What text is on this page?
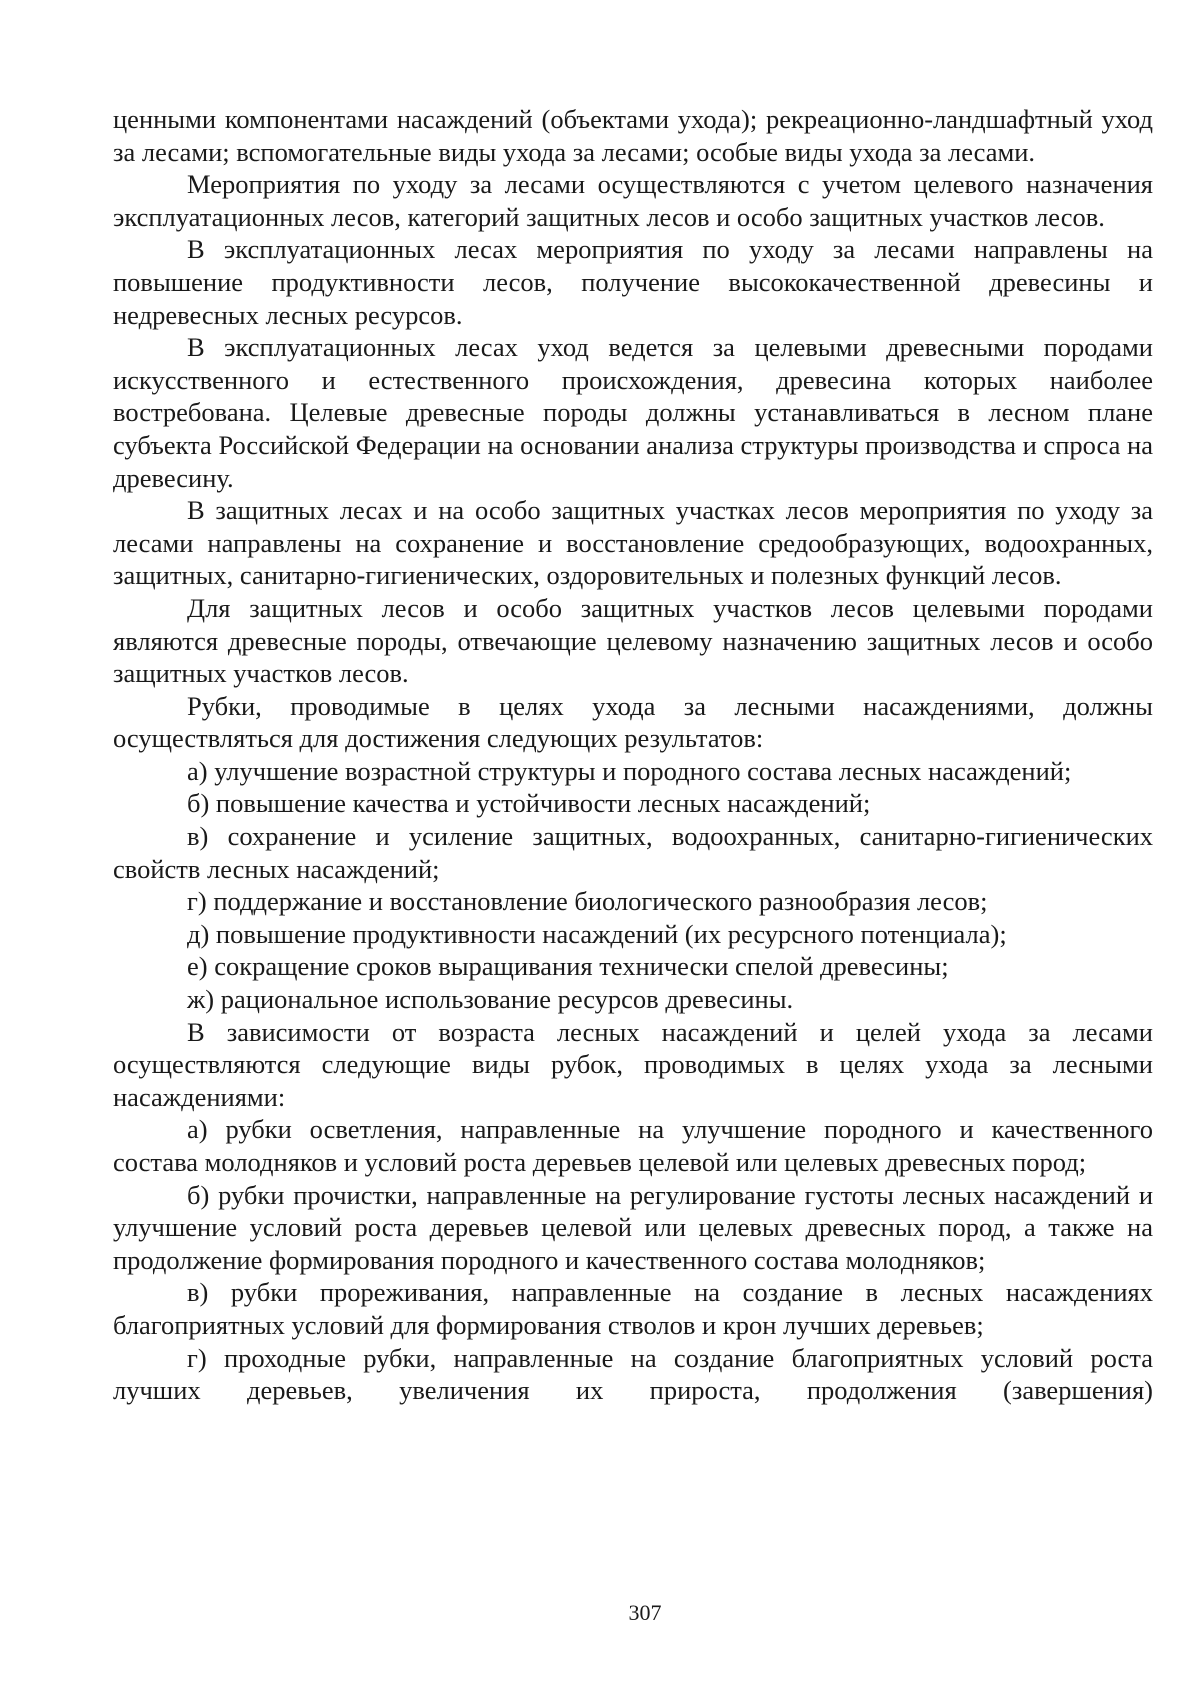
ценными компонентами насаждений (объектами ухода); рекреационно-ландшафтный уход за лесами; вспомогательные виды ухода за лесами; особые виды ухода за лесами.

Мероприятия по уходу за лесами осуществляются с учетом целевого назначения эксплуатационных лесов, категорий защитных лесов и особо защитных участков лесов.

В эксплуатационных лесах мероприятия по уходу за лесами направлены на повышение продуктивности лесов, получение высококачественной древесины и недревесных лесных ресурсов.

В эксплуатационных лесах уход ведется за целевыми древесными породами искусственного и естественного происхождения, древесина которых наиболее востребована. Целевые древесные породы должны устанавливаться в лесном плане субъекта Российской Федерации на основании анализа структуры производства и спроса на древесину.

В защитных лесах и на особо защитных участках лесов мероприятия по уходу за лесами направлены на сохранение и восстановление средообразующих, водоохранных, защитных, санитарно-гигиенических, оздоровительных и полезных функций лесов.

Для защитных лесов и особо защитных участков лесов целевыми породами являются древесные породы, отвечающие целевому назначению защитных лесов и особо защитных участков лесов.

Рубки, проводимые в целях ухода за лесными насаждениями, должны осуществляться для достижения следующих результатов:

а) улучшение возрастной структуры и породного состава лесных насаждений;

б) повышение качества и устойчивости лесных насаждений;

в) сохранение и усиление защитных, водоохранных, санитарно-гигиенических свойств лесных насаждений;

г) поддержание и восстановление биологического разнообразия лесов;

д) повышение продуктивности насаждений (их ресурсного потенциала);

е) сокращение сроков выращивания технически спелой древесины;

ж) рациональное использование ресурсов древесины.

В зависимости от возраста лесных насаждений и целей ухода за лесами осуществляются следующие виды рубок, проводимых в целях ухода за лесными насаждениями:

а) рубки осветления, направленные на улучшение породного и качественного состава молодняков и условий роста деревьев целевой или целевых древесных пород;

б) рубки прочистки, направленные на регулирование густоты лесных насаждений и улучшение условий роста деревьев целевой или целевых древесных пород, а также на продолжение формирования породного и качественного состава молодняков;

в) рубки прореживания, направленные на создание в лесных насаждениях благоприятных условий для формирования стволов и крон лучших деревьев;

г) проходные рубки, направленные на создание благоприятных условий роста лучших деревьев, увеличения их прироста, продолжения (завершения)

307
